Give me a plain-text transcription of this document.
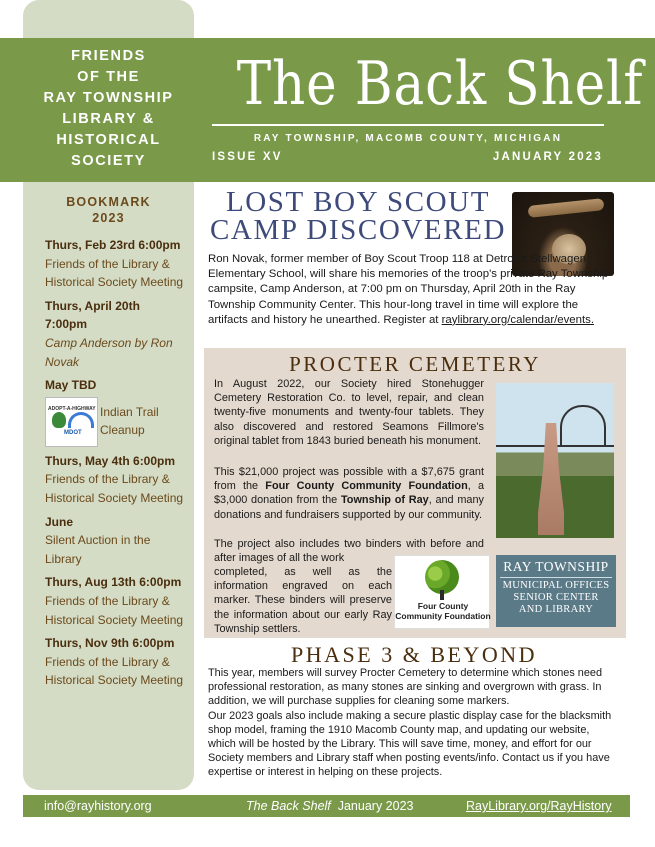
FRIENDS
OF THE
RAY TOWNSHIP
LIBRARY &
HISTORICAL
SOCIETY
The Back Shelf
RAY TOWNSHIP, MACOMB COUNTY, MICHIGAN
ISSUE XV	JANUARY 2023
BOOKMARK
2023
Thurs, Feb 23rd 6:00pm
Friends of the Library & Historical Society Meeting
Thurs, April 20th 7:00pm
Camp Anderson by Ron Novak
May TBD
ADOPT-A-HIGHWAY
MDOT
Indian Trail Cleanup
Thurs, May 4th 6:00pm
Friends of the Library & Historical Society Meeting
June
Silent Auction in the Library
Thurs, Aug 13th 6:00pm
Friends of the Library & Historical Society Meeting
Thurs, Nov 9th 6:00pm
Friends of the Library & Historical Society Meeting
LOST BOY SCOUT CAMP DISCOVERED
Ron Novak, former member of Boy Scout Troop 118 at Detroit's Stellwagen Elementary School, will share his memories of the troop's private Ray Township campsite, Camp Anderson, at 7:00 pm on Thursday, April 20th in the Ray Township Community Center. This hour-long travel in time will explore the artifacts and history he unearthed. Register at raylibrary.org/calendar/events.
PROCTER CEMETERY
In August 2022, our Society hired Stonehugger Cemetery Restoration Co. to level, repair, and clean twenty-five monuments and twenty-four tablets. They also discovered and restored Seamons Fillmore's original tablet from 1843 buried beneath his monument.
This $21,000 project was possible with a $7,675 grant from the Four County Community Foundation, a $3,000 donation from the Township of Ray, and many donations and fundraisers supported by our community.
The project also includes two binders with before and after images of all the work
completed, as well as the information engraved on each marker. These binders will preserve the information about our early Ray Township settlers.
Four County
Community Foundation
RAY TOWNSHIP
MUNICIPAL OFFICES
SENIOR CENTER
AND LIBRARY
PHASE 3 & BEYOND
This year, members will survey Procter Cemetery to determine which stones need professional restoration, as many stones are sinking and overgrown with grass. In addition, we will purchase supplies for cleaning some markers.
Our 2023 goals also include making a secure plastic display case for the blacksmith shop model, framing the 1910 Macomb County map, and updating our website, which will be hosted by the Library. This will save time, money, and effort for our Society members and Library staff when posting events/info. Contact us if you have expertise or interest in helping on these projects.
info@rayhistory.org	The Back Shelf January 2023	RayLibrary.org/RayHistory
